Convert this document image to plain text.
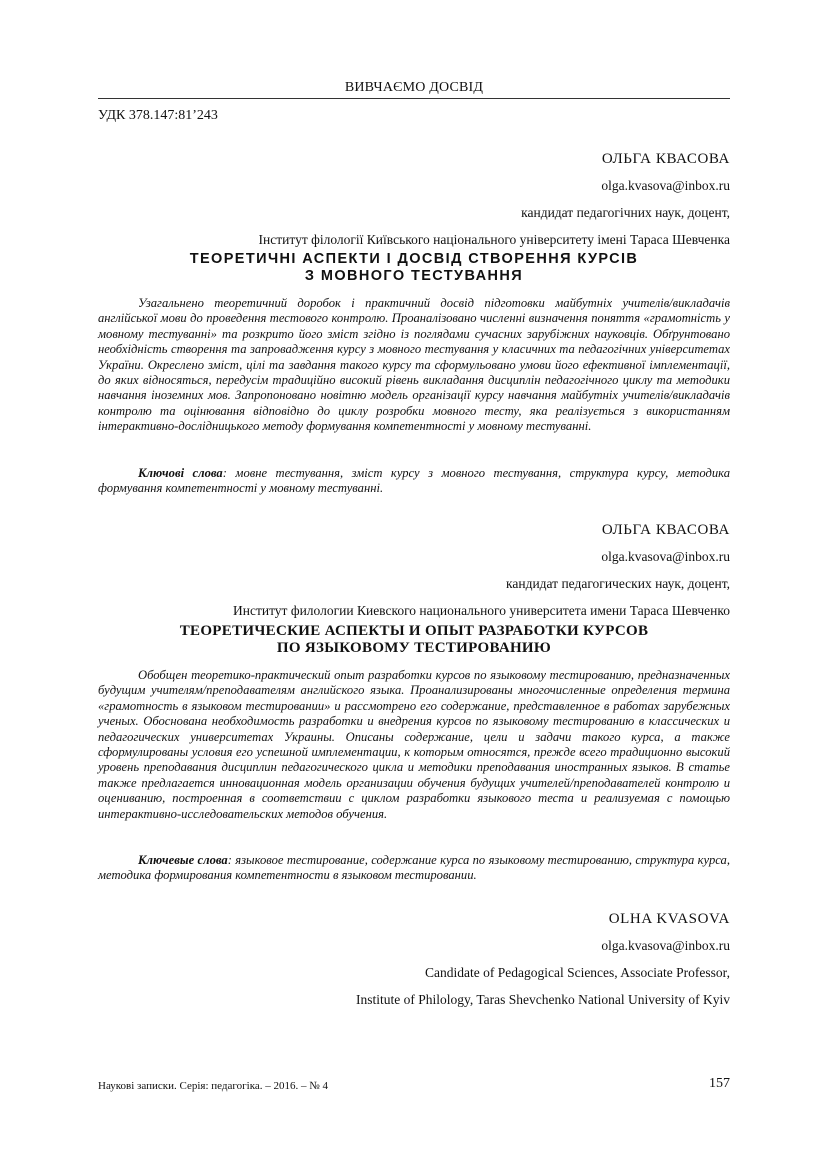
ВИВЧАЄМО ДОСВІД
УДК 378.147:81’243
ОЛЬГА КВАСОВА
olga.kvasova@inbox.ru
кандидат педагогічних наук, доцент,
Інститут філології Київського національного університету імені Тараса Шевченка
ТЕОРЕТИЧНІ АСПЕКТИ І ДОСВІД СТВОРЕННЯ КУРСІВ
З МОВНОГО ТЕСТУВАННЯ

Узагальнено теоретичний доробок і практичний досвід підготовки майбутніх учителів/викладачів англійської мови до проведення тестового контролю. Проаналізовано численні визначення поняття «грамотність у мовному тестуванні» та розкрито його зміст згідно із поглядами сучасних зарубіжних науковців. Обґрунтовано необхідність створення та запровадження курсу з мовного тестування у класичних та педагогічних університетах України. Окреслено зміст, цілі та завдання такого курсу та сформульовано умови його ефективної імплементації, до яких відносяться, передусім традиційно високий рівень викладання дисциплін педагогічного циклу та методики навчання іноземних мов. Запропоновано новітню модель організації курсу навчання майбутніх учителів/викладачів контролю та оцінювання відповідно до циклу розробки мовного тесту, яка реалізується з використанням інтерактивно-дослідницького методу формування компетентності у мовному тестуванні.

Ключові слова: мовне тестування, зміст курсу з мовного тестування, структура курсу, методика формування компетентності у мовному тестуванні.

ОЛЬГА КВАСОВА
olga.kvasova@inbox.ru
кандидат педагогических наук, доцент,
Институт филологии Киевского национального университета имени Тараса Шевченко
ТЕОРЕТИЧЕСКИЕ АСПЕКТЫ И ОПЫТ РАЗРАБОТКИ КУРСОВ
ПО ЯЗЫКОВОМУ ТЕСТИРОВАНИЮ

Обобщен теоретико-практический опыт разработки курсов по языковому тестированию, предназначенных будущим учителям/преподавателям английского языка. Проанализированы многочисленные определения термина «грамотность в языковом тестировании» и рассмотрено его содержание, представленное в работах зарубежных ученых. Обоснована необходимость разработки и внедрения курсов по языковому тестированию в классических и педагогических университетах Украины. Описаны содержание, цели и задачи такого курса, а также сформулированы условия его успешной имплементации, к которым относятся, прежде всего традиционно высокий уровень преподавания дисциплин педагогического цикла и методики преподавания иностранных языков. В статье также предлагается инновационная модель организации обучения будущих учителей/преподавателей контролю и оцениванию, построенная в соответствии с циклом разработки языкового теста и реализуемая с помощью интерактивно-исследовательских методов обучения.

Ключевые слова: языковое тестирование, содержание курса по языковому тестированию, структура курса, методика формирования компетентности в языковом тестировании.

OLHA KVASOVA
olga.kvasova@inbox.ru
Candidate of Pedagogical Sciences, Associate Professor,
Institute of Philology, Taras Shevchenko National University of Kyiv
Наукові записки. Серія: педагогіка. – 2016. – № 4	157
